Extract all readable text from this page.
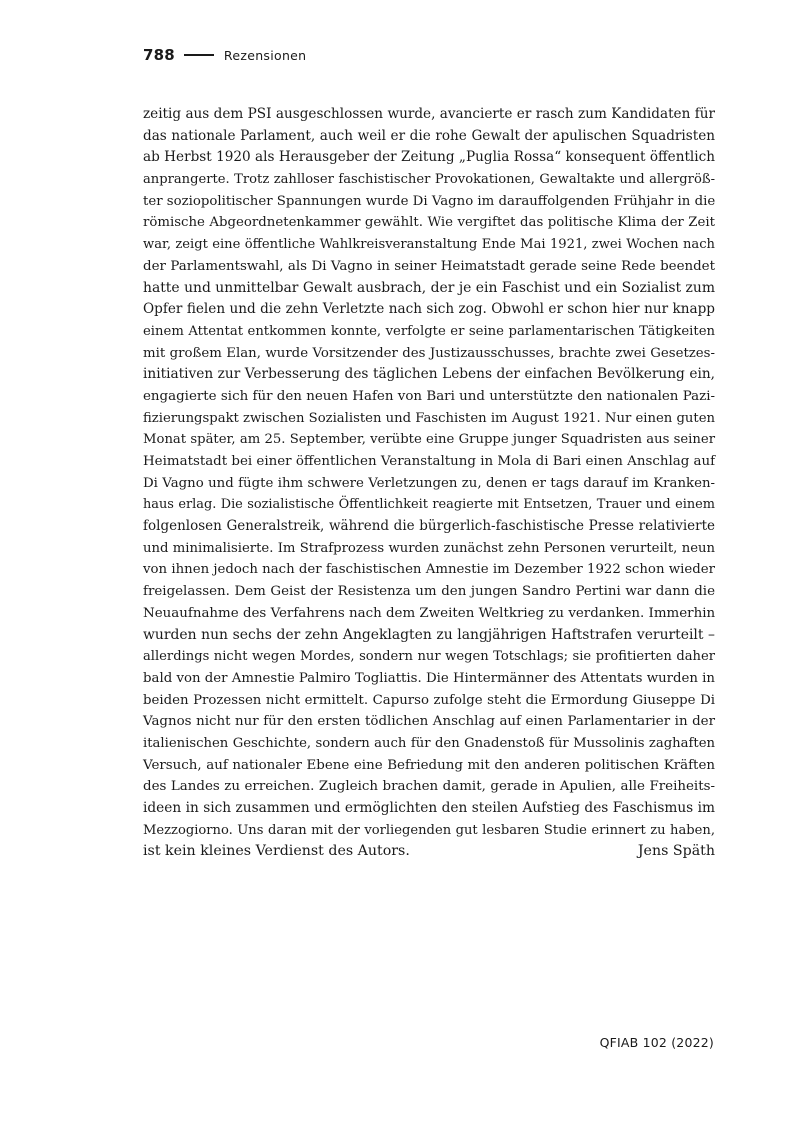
788	Rezensionen
zeitig aus dem PSI ausgeschlossen wurde, avancierte er rasch zum Kandidaten für
das nationale Parlament, auch weil er die rohe Gewalt der apulischen Squadristen
ab Herbst 1920 als Herausgeber der Zeitung „Puglia Rossa“ konsequent öffentlich
anprangerte. Trotz zahlloser faschistischer Provokationen, Gewaltakte und allergröß-
ter soziopolitischer Spannungen wurde Di Vagno im darauffolgenden Frühjahr in die
römische Abgeordnetenkammer gewählt. Wie vergiftet das politische Klima der Zeit
war, zeigt eine öffentliche Wahlkreisveranstaltung Ende Mai 1921, zwei Wochen nach
der Parlamentswahl, als Di Vagno in seiner Heimatstadt gerade seine Rede beendet
hatte und unmittelbar Gewalt ausbrach, der je ein Faschist und ein Sozialist zum
Opfer fielen und die zehn Verletzte nach sich zog. Obwohl er schon hier nur knapp
einem Attentat entkommen konnte, verfolgte er seine parlamentarischen Tätigkeiten
mit großem Elan, wurde Vorsitzender des Justizausschusses, brachte zwei Gesetzes-
initiativen zur Verbesserung des täglichen Lebens der einfachen Bevölkerung ein,
engagierte sich für den neuen Hafen von Bari und unterstützte den nationalen Pazi-
fizierungspakt zwischen Sozialisten und Faschisten im August 1921. Nur einen guten
Monat später, am 25. September, verübte eine Gruppe junger Squadristen aus seiner
Heimatstadt bei einer öffentlichen Veranstaltung in Mola di Bari einen Anschlag auf
Di Vagno und fügte ihm schwere Verletzungen zu, denen er tags darauf im Kranken-
haus erlag. Die sozialistische Öffentlichkeit reagierte mit Entsetzen, Trauer und einem
folgenlosen Generalstreik, während die bürgerlich-faschistische Presse relativierte
und minimalisierte. Im Strafprozess wurden zunächst zehn Personen verurteilt, neun
von ihnen jedoch nach der faschistischen Amnestie im Dezember 1922 schon wieder
freigelassen. Dem Geist der Resistenza um den jungen Sandro Pertini war dann die
Neuaufnahme des Verfahrens nach dem Zweiten Weltkrieg zu verdanken. Immerhin
wurden nun sechs der zehn Angeklagten zu langjährigen Haftstrafen verurteilt –
allerdings nicht wegen Mordes, sondern nur wegen Totschlags; sie profitierten daher
bald von der Amnestie Palmiro Togliattis. Die Hintermänner des Attentats wurden in
beiden Prozessen nicht ermittelt. Capurso zufolge steht die Ermordung Giuseppe Di
Vagnos nicht nur für den ersten tödlichen Anschlag auf einen Parlamentarier in der
italienischen Geschichte, sondern auch für den Gnadenstoß für Mussolinis zaghaften
Versuch, auf nationaler Ebene eine Befriedung mit den anderen politischen Kräften
des Landes zu erreichen. Zugleich brachen damit, gerade in Apulien, alle Freiheits-
ideen in sich zusammen und ermöglichten den steilen Aufstieg des Faschismus im
Mezzogiorno. Uns daran mit der vorliegenden gut lesbaren Studie erinnert zu haben,
ist kein kleines Verdienst des Autors.	Jens Späth
QFIAB 102 (2022)
